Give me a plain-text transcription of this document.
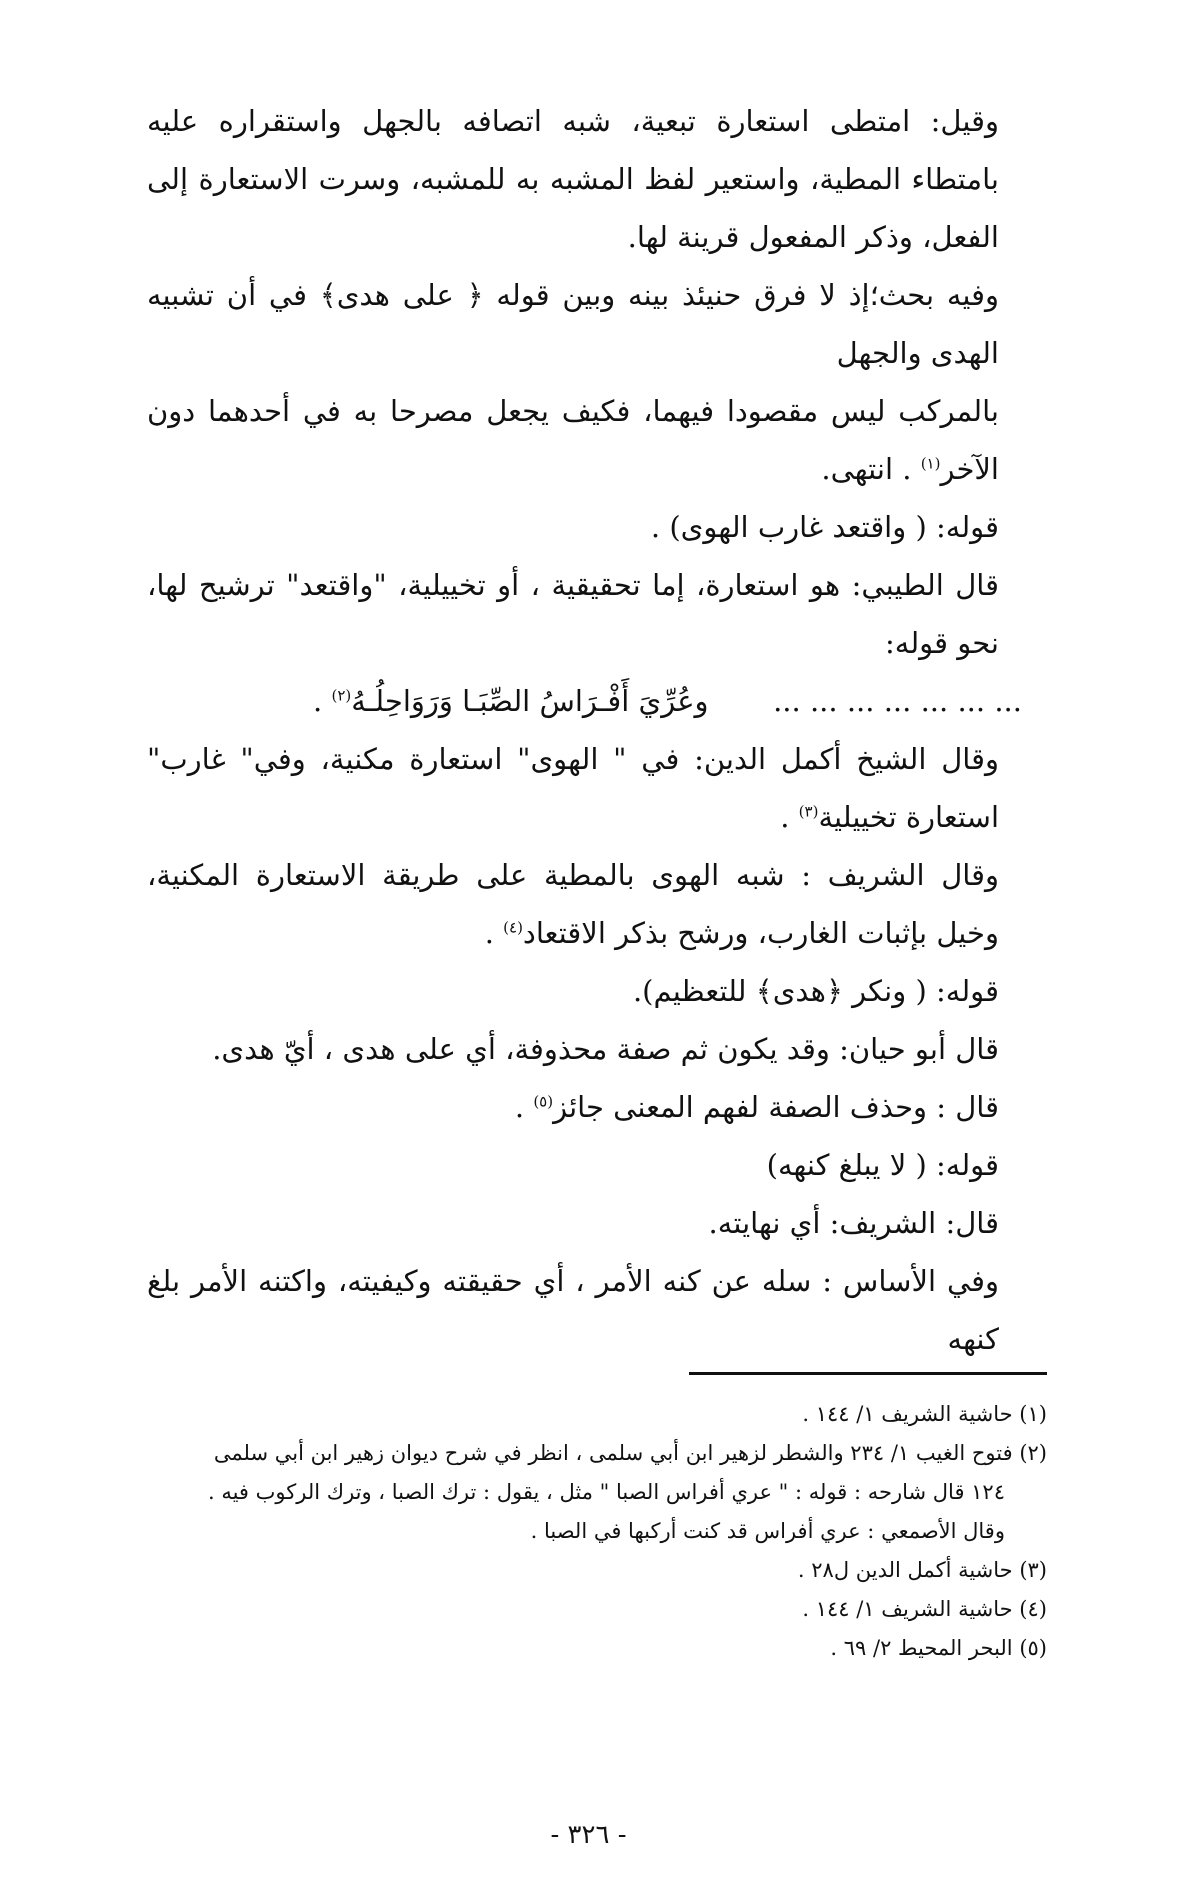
وقيل: امتطى استعارة تبعية، شبه اتصافه بالجهل واستقراره عليه بامتطاء المطية، واستعير لفظ المشبه به للمشبه، وسرت الاستعارة إلى الفعل، وذكر المفعول قرينة لها.

وفيه بحث؛إذ لا فرق حنيئذ بينه وبين قوله ﴿ على هدى﴾ في أن تشبيه الهدى والجهل

بالمركب ليس مقصودا فيهما، فكيف يجعل مصرحا به في أحدهما دون الآخر$^{(١)}$ . انتهى.

قوله: ( واقتعد غارب الهوى) .

قال الطيبي: هو استعارة، إما تحقيقية ، أو تخييلية، "واقتعد" ترشيح لها، نحو قوله:

... ... ... ... ... ... ...       وعُرِّيَ أَفْـرَاسُ الصِّبَـا وَرَوَاحِلُـهُ$^{(٢)}$ .

وقال الشيخ أكمل الدين: في " الهوى" استعارة مكنية، وفي" غارب" استعارة تخييلية$^{(٣)}$ .

وقال الشريف : شبه الهوى بالمطية على طريقة الاستعارة المكنية، وخيل بإثبات الغارب، ورشح بذكر الاقتعاد$^{(٤)}$ .

قوله: ( ونكر ﴿هدى﴾ للتعظيم).

قال أبو حيان: وقد يكون ثم صفة محذوفة، أي على هدى ، أيّ هدى.

قال : وحذف الصفة لفهم المعنى جائز$^{(٥)}$ .

قوله: ( لا يبلغ كنهه)

قال: الشريف: أي نهايته.

وفي الأساس : سله عن كنه الأمر ، أي حقيقته وكيفيته، واكتنه الأمر بلغ كنهه

(١) حاشية الشريف ١/ ١٤٤ .

(٢) فتوح الغيب ١/ ٢٣٤ والشطر لزهير ابن أبي سلمى ، انظر في شرح ديوان زهير ابن أبي سلمى

١٢٤ قال شارحه : قوله : " عري أفراس الصبا " مثل ، يقول : ترك الصبا ، وترك الركوب فيه .

وقال الأصمعي : عري أفراس قد كنت أركبها في الصبا .

(٣) حاشية أكمل الدين ل٢٨ .

(٤) حاشية الشريف ١/ ١٤٤ .

(٥) البحر المحيط ٢/ ٦٩ .

- ٣٢٦ -
